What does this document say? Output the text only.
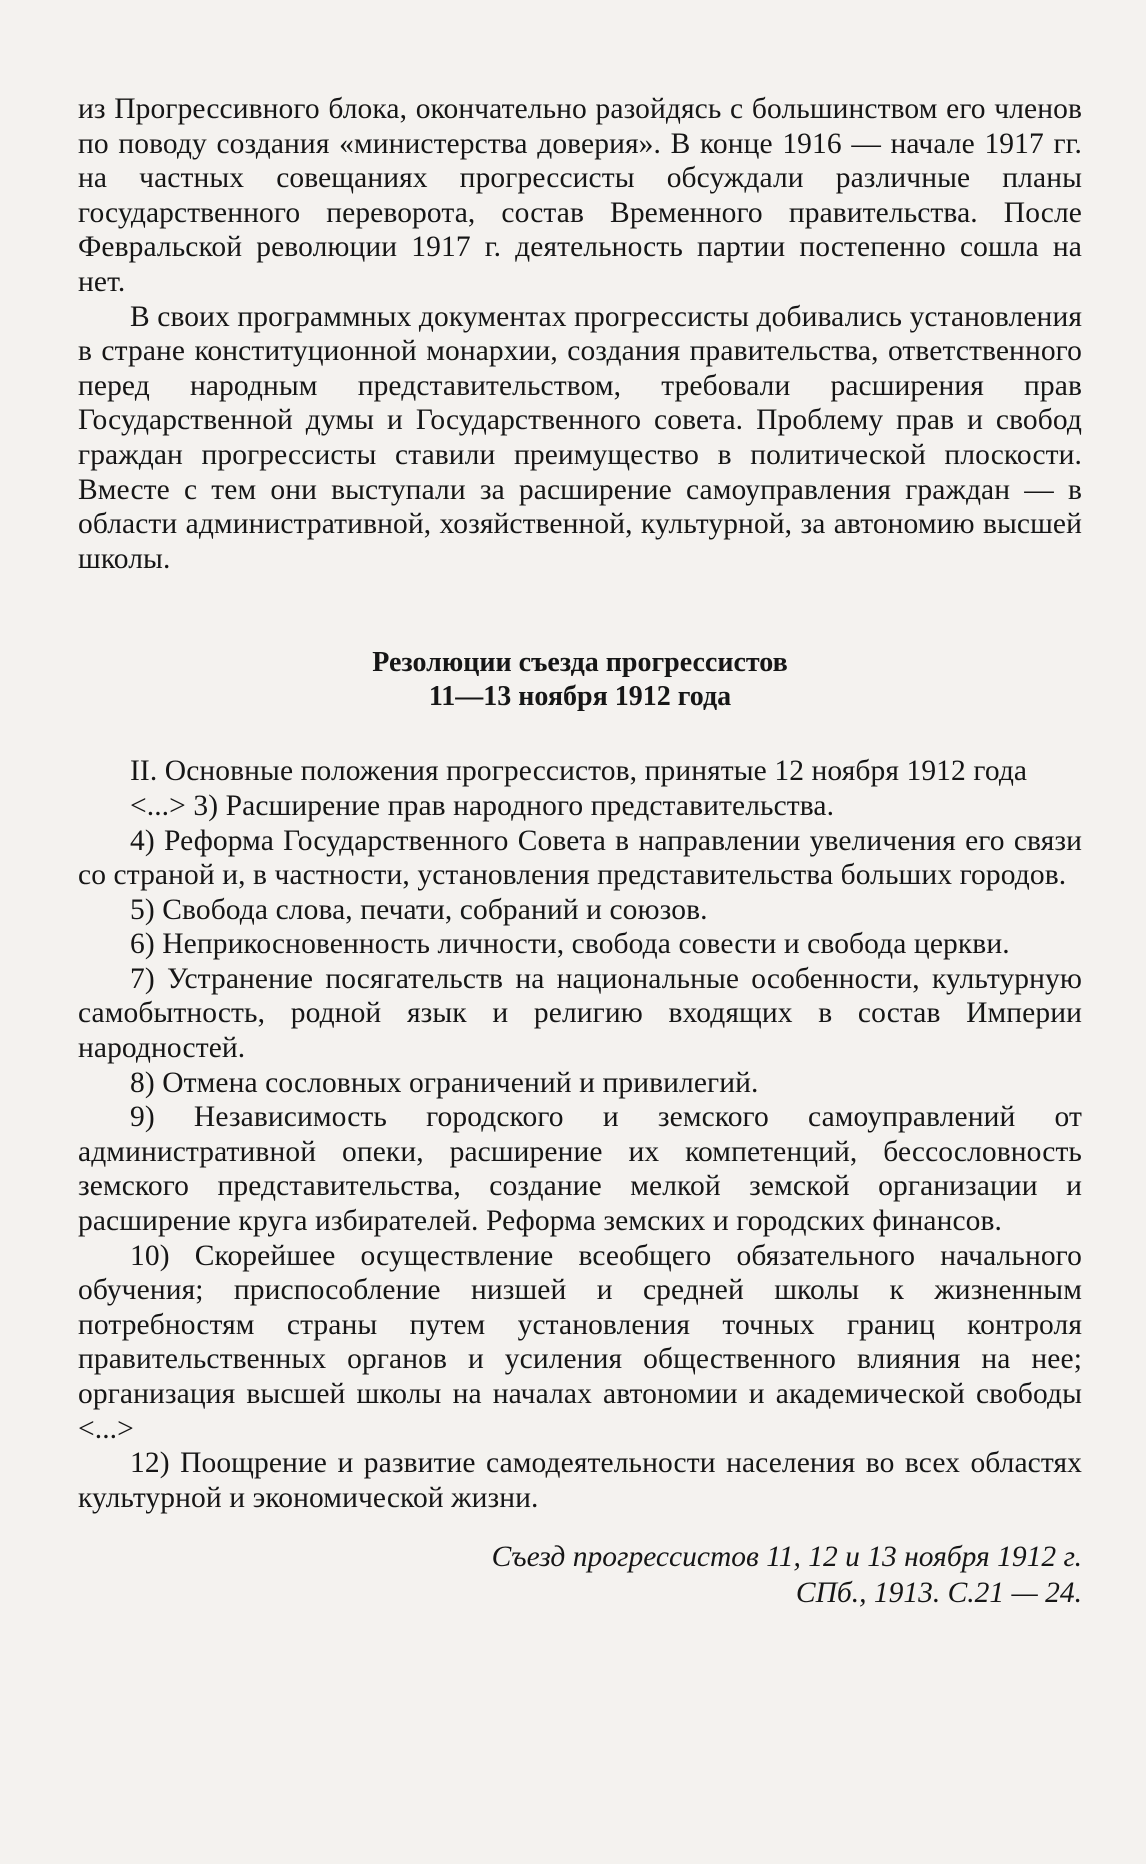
из Прогрессивного блока, окончательно разойдясь с большинством его членов по поводу создания «министерства доверия». В конце 1916 — начале 1917 гг. на частных совещаниях прогрессисты обсуждали различные планы государственного переворота, состав Временного правительства. После Февральской революции 1917 г. деятельность партии постепенно сошла на нет.

В своих программных документах прогрессисты добивались установления в стране конституционной монархии, создания правительства, ответственного перед народным представительством, требовали расширения прав Государственной думы и Государственного совета. Проблему прав и свобод граждан прогрессисты ставили преимущество в политической плоскости. Вместе с тем они выступали за расширение самоуправления граждан — в области административной, хозяйственной, культурной, за автономию высшей школы.

Резолюции съезда прогрессистов

11—13 ноября 1912 года

II. Основные положения прогрессистов, принятые 12 ноября 1912 года

<...> 3) Расширение прав народного представительства.

4) Реформа Государственного Совета в направлении увеличения его связи со страной и, в частности, установления представительства больших городов.

5) Свобода слова, печати, собраний и союзов.

6) Неприкосновенность личности, свобода совести и свобода церкви.

7) Устранение посягательств на национальные особенности, культурную самобытность, родной язык и религию входящих в состав Империи народностей.

8) Отмена сословных ограничений и привилегий.

9) Независимость городского и земского самоуправлений от административной опеки, расширение их компетенций, бессословность земского представительства, создание мелкой земской организации и расширение круга избирателей. Реформа земских и городских финансов.

10) Скорейшее осуществление всеобщего обязательного начального обучения; приспособление низшей и средней школы к жизненным потребностям страны путем установления точных границ контроля правительственных органов и усиления общественного влияния на нее; организация высшей школы на началах автономии и академической свободы <...>

12) Поощрение и развитие самодеятельности населения во всех областях культурной и экономической жизни.

Съезд прогрессистов 11, 12 и 13 ноября 1912 г.

СПб., 1913. С.21 — 24.
